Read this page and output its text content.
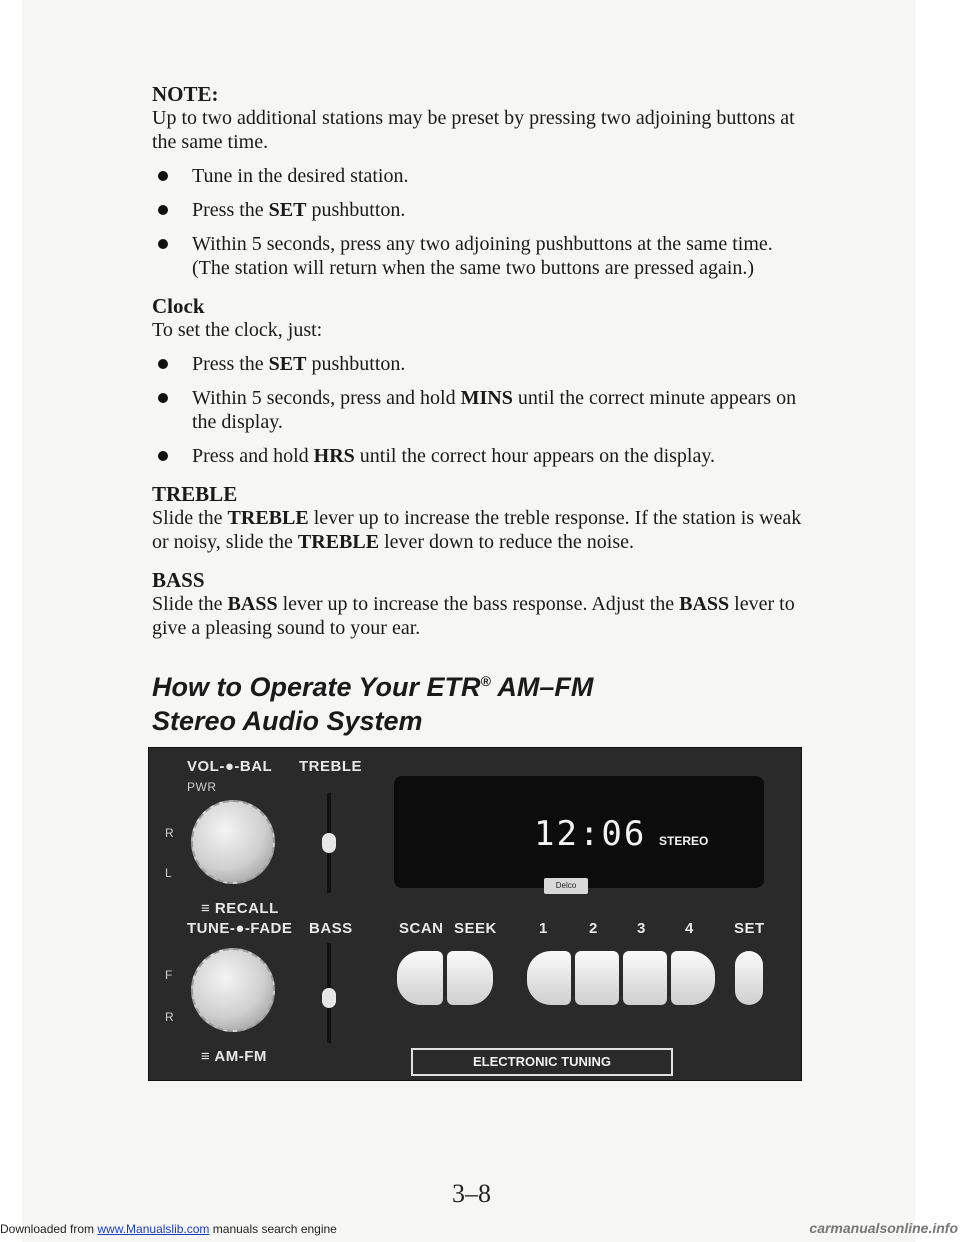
NOTE:

Up to two additional stations may be preset by pressing two adjoining buttons at the same time.

Tune in the desired station.

Press the SET pushbutton.

Within 5 seconds, press any two adjoining pushbuttons at the same time. (The station will return when the same two buttons are pressed again.)

Clock

To set the clock, just:

Press the SET pushbutton.

Within 5 seconds, press and hold MINS until the correct minute appears on the display.

Press and hold HRS until the correct hour appears on the display.

TREBLE

Slide the TREBLE lever up to increase the treble response. If the station is weak or noisy, slide the TREBLE lever down to reduce the noise.

BASS

Slide the BASS lever up to increase the bass response. Adjust the BASS lever to give a pleasing sound to your ear.

How to Operate Your ETR® AM–FM

Stereo Audio System

VOL-●-BAL TREBLE
PWR
R
L
≡ RECALL
TUNE-●-FADE BASS
F
R
≡ AM-FM
12:06 STEREO
Delco
SCAN SEEK	1	2	3	4	SET
ELECTRONIC TUNING
3–8
Downloaded from www.Manualslib.com manuals search engine	carmanualsonline.info
